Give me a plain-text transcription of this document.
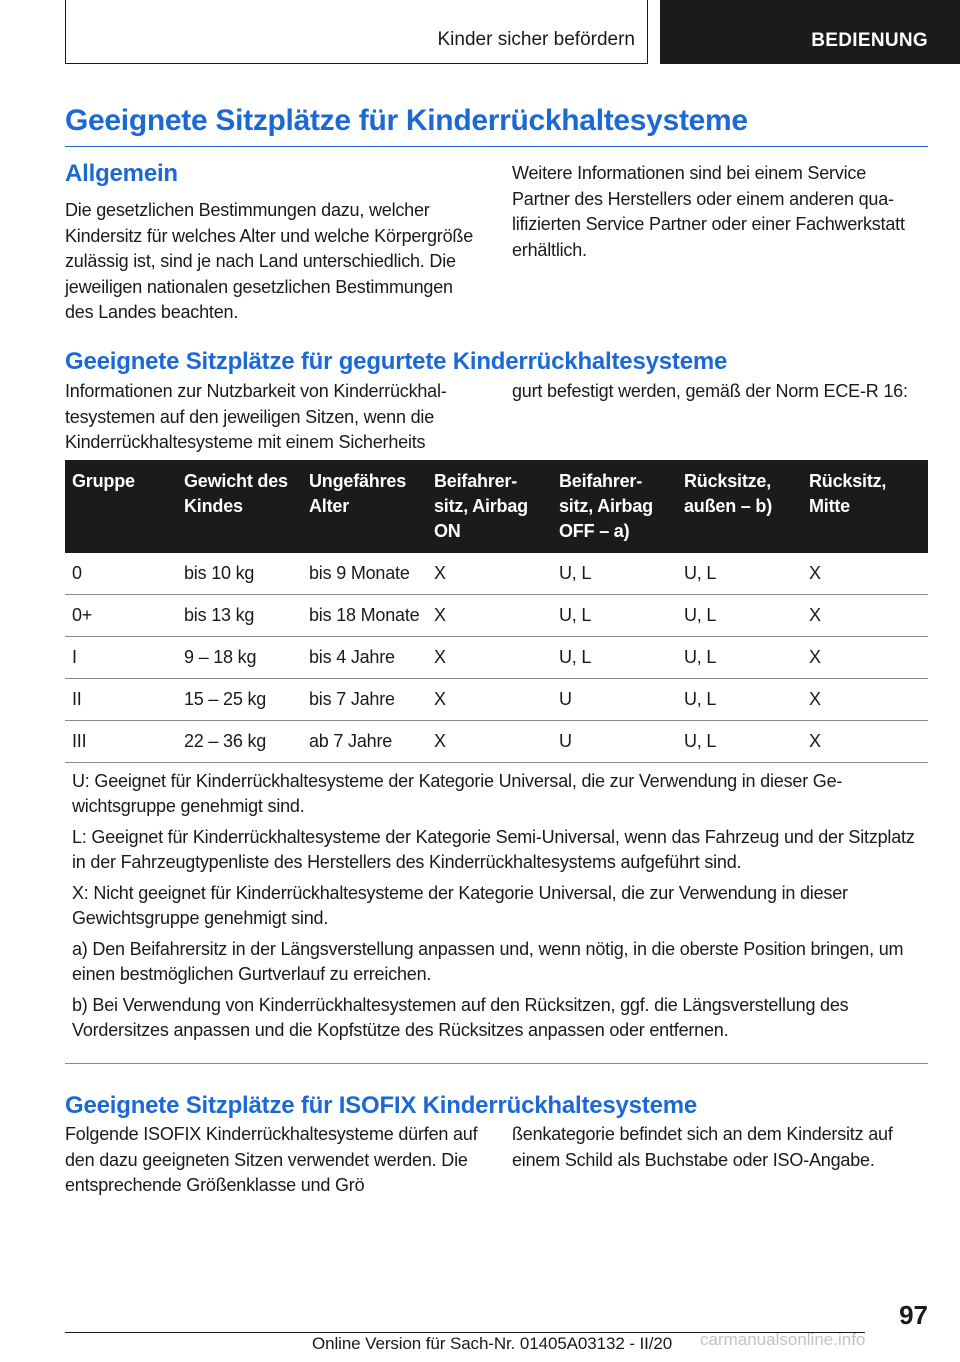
Kinder sicher befördern	BEDIENUNG
Geeignete Sitzplätze für Kinderrückhaltesysteme
Allgemein

Die gesetzlichen Bestimmungen dazu, welcher Kindersitz für welches Alter und welche Körpergröße zulässig ist, sind je nach Land unterschiedlich. Die jeweiligen nationalen gesetzlichen Bestimmungen des Landes beachten.

Weitere Informationen sind bei einem Service Partner des Herstellers oder einem anderen qualifizierten Service Partner oder einer Fachwerkstatt erhältlich.

Geeignete Sitzplätze für gegurtete Kinderrückhaltesysteme

Informationen zur Nutzbarkeit von Kinderrückhaltesystemen auf den jeweiligen Sitzen, wenn die Kinderrückhaltesysteme mit einem Sicherheits

gurt befestigt werden, gemäß der Norm ECE-R 16:

Gruppe	Gewicht des Kindes	Ungefähres Alter	Beifahrersitz, Airbag ON	Beifahrersitz, Airbag OFF – a)	Rücksitze, außen – b)	Rücksitz, Mitte
0	bis 10 kg	bis 9 Monate	X	U, L	U, L	X
0+	bis 13 kg	bis 18 Monate	X	U, L	U, L	X
I	9 – 18 kg	bis 4 Jahre	X	U, L	U, L	X
II	15 – 25 kg	bis 7 Jahre	X	U	U, L	X
III	22 – 36 kg	ab 7 Jahre	X	U	U, L	X

U: Geeignet für Kinderrückhaltesysteme der Kategorie Universal, die zur Verwendung in dieser Gewichtsgruppe genehmigt sind.

L: Geeignet für Kinderrückhaltesysteme der Kategorie Semi-Universal, wenn das Fahrzeug und der Sitzplatz in der Fahrzeugtypenliste des Herstellers des Kinderrückhaltesystems aufgeführt sind.

X: Nicht geeignet für Kinderrückhaltesysteme der Kategorie Universal, die zur Verwendung in dieser Gewichtsgruppe genehmigt sind.

a) Den Beifahrersitz in der Längsverstellung anpassen und, wenn nötig, in die oberste Position bringen, um einen bestmöglichen Gurtverlauf zu erreichen.

b) Bei Verwendung von Kinderrückhaltesystemen auf den Rücksitzen, ggf. die Längsverstellung des Vordersitzes anpassen und die Kopfstütze des Rücksitzes anpassen oder entfernen.						

Geeignete Sitzplätze für ISOFIX Kinderrückhaltesysteme

Folgende ISOFIX Kinderrückhaltesysteme dürfen auf den dazu geeigneten Sitzen verwendet werden. Die entsprechende Größenklasse und Grö

ßenkategorie befindet sich an dem Kindersitz auf einem Schild als Buchstabe oder ISO-Angabe.

97
Online Version für Sach-Nr. 01405A03132 - II/20 carmanualsonline.info
